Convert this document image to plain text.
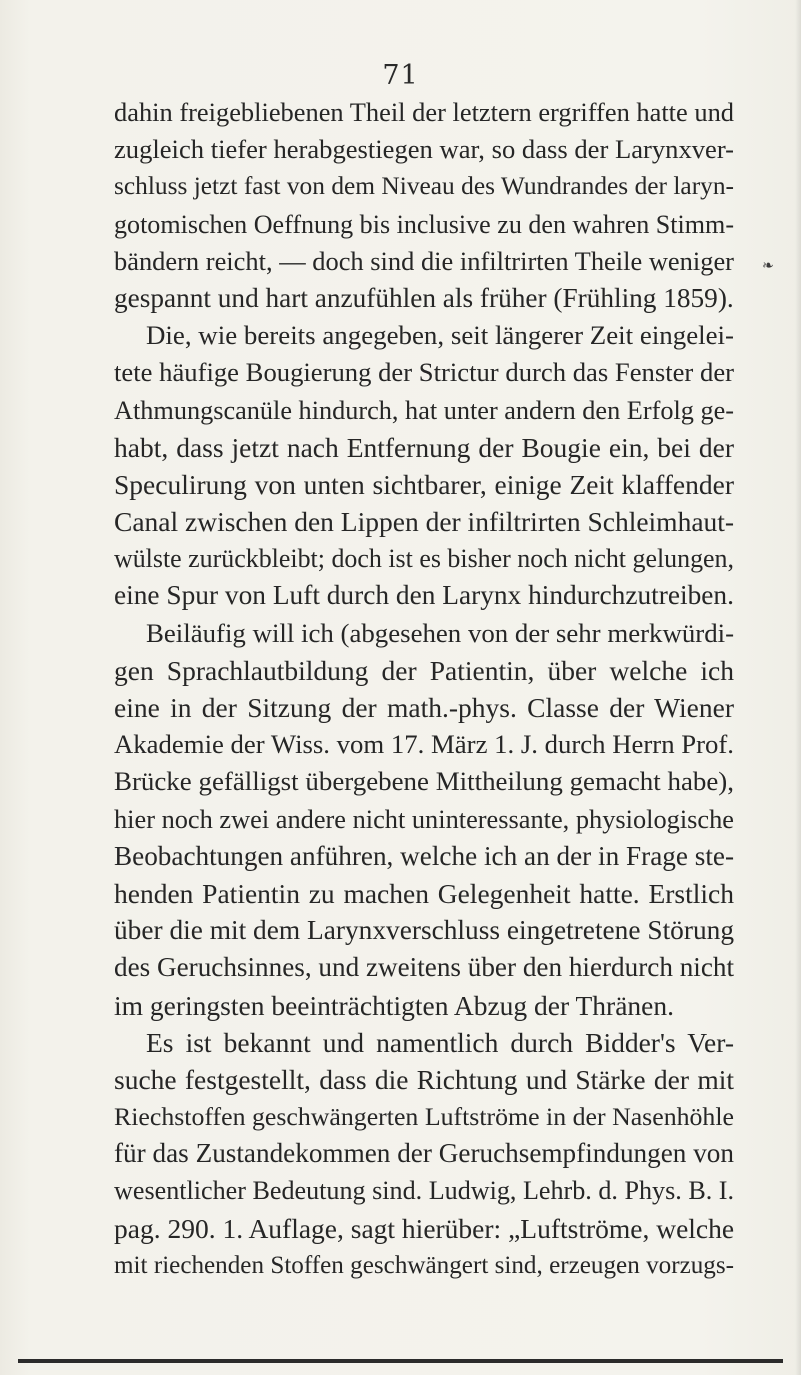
71
❧
dahin freigebliebenen Theil der letztern ergriffen hatte und
zugleich tiefer herabgestiegen war, so dass der Larynxver-
schluss jetzt fast von dem Niveau des Wundrandes der laryn-
gotomischen Oeffnung bis inclusive zu den wahren Stimm-
bändern reicht, — doch sind die infiltrirten Theile weniger
gespannt und hart anzufühlen als früher (Frühling 1859).
Die, wie bereits angegeben, seit längerer Zeit eingelei-
tete häufige Bougierung der Strictur durch das Fenster der
Athmungscanüle hindurch, hat unter andern den Erfolg ge-
habt, dass jetzt nach Entfernung der Bougie ein, bei der
Speculirung von unten sichtbarer, einige Zeit klaffender
Canal zwischen den Lippen der infiltrirten Schleimhaut-
wülste zurückbleibt; doch ist es bisher noch nicht gelungen,
eine Spur von Luft durch den Larynx hindurchzutreiben.
Beiläufig will ich (abgesehen von der sehr merkwürdi-
gen Sprachlautbildung der Patientin, über welche ich
eine in der Sitzung der math.-phys. Classe der Wiener
Akademie der Wiss. vom 17. März 1. J. durch Herrn Prof.
Brücke gefälligst übergebene Mittheilung gemacht habe),
hier noch zwei andere nicht uninteressante, physiologische
Beobachtungen anführen, welche ich an der in Frage ste-
henden Patientin zu machen Gelegenheit hatte. Erstlich
über die mit dem Larynxverschluss eingetretene Störung
des Geruchsinnes, und zweitens über den hierdurch nicht
im geringsten beeinträchtigten Abzug der Thränen.
Es ist bekannt und namentlich durch Bidder's Ver-
suche festgestellt, dass die Richtung und Stärke der mit
Riechstoffen geschwängerten Luftströme in der Nasenhöhle
für das Zustandekommen der Geruchsempfindungen von
wesentlicher Bedeutung sind. Ludwig, Lehrb. d. Phys. B. I.
pag. 290. 1. Auflage, sagt hierüber: „Luftströme, welche
mit riechenden Stoffen geschwängert sind, erzeugen vorzugs-
